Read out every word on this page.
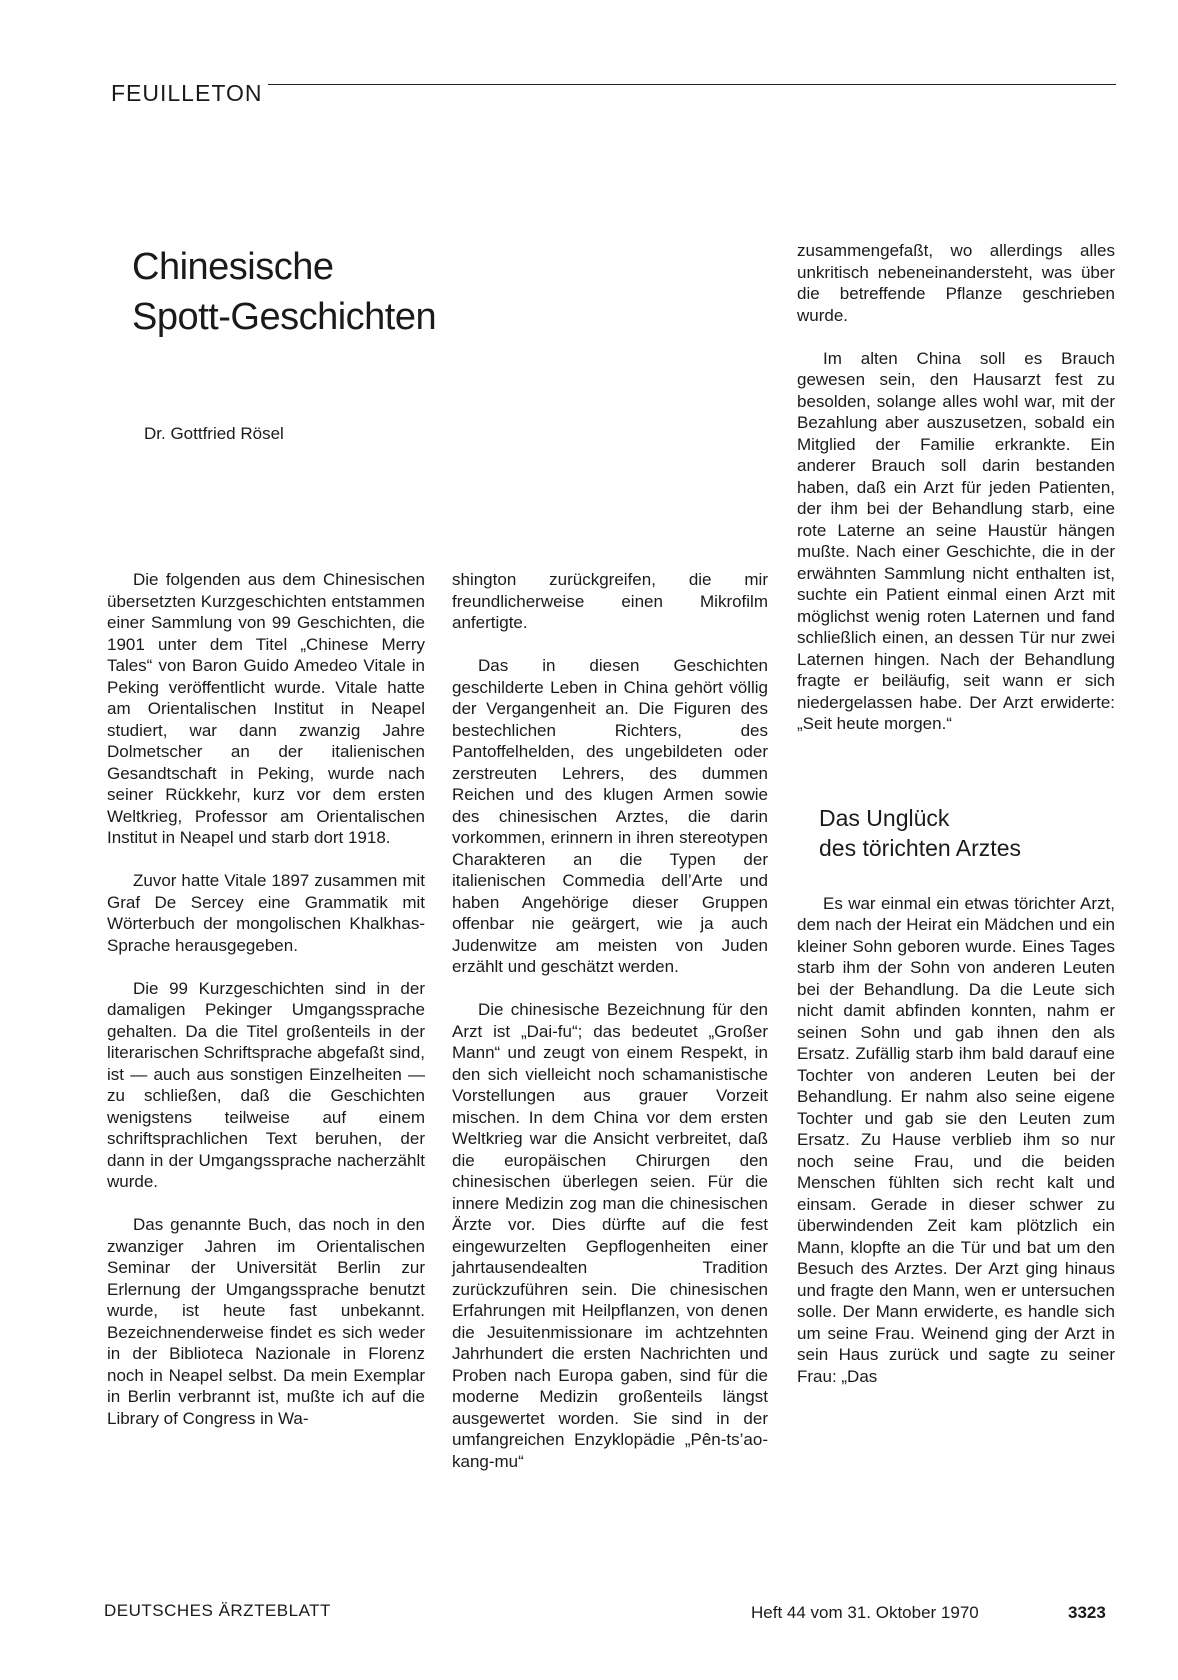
FEUILLETON
Chinesische
Spott-Geschichten
Dr. Gottfried Rösel

Die folgenden aus dem Chinesischen übersetzten Kurzgeschichten entstammen einer Sammlung von 99 Geschichten, die 1901 unter dem Titel „Chinese Merry Tales“ von Baron Guido Amedeo Vitale in Peking veröffentlicht wurde. Vitale hatte am Orientalischen Institut in Neapel studiert, war dann zwanzig Jahre Dolmetscher an der italienischen Gesandtschaft in Peking, wurde nach seiner Rückkehr, kurz vor dem ersten Weltkrieg, Professor am Orientalischen Institut in Neapel und starb dort 1918.

Zuvor hatte Vitale 1897 zusammen mit Graf De Sercey eine Grammatik mit Wörterbuch der mongolischen Khalkhas-Sprache herausgegeben.

Die 99 Kurzgeschichten sind in der damaligen Pekinger Umgangssprache gehalten. Da die Titel großenteils in der literarischen Schriftsprache abgefaßt sind, ist — auch aus sonstigen Einzelheiten — zu schließen, daß die Geschichten wenigstens teilweise auf einem schriftsprachlichen Text beruhen, der dann in der Umgangssprache nacherzählt wurde.

Das genannte Buch, das noch in den zwanziger Jahren im Orientalischen Seminar der Universität Berlin zur Erlernung der Umgangssprache benutzt wurde, ist heute fast unbekannt. Bezeichnenderweise findet es sich weder in der Biblioteca Nazionale in Florenz noch in Neapel selbst. Da mein Exemplar in Berlin verbrannt ist, mußte ich auf die Library of Congress in Wa-

shington zurückgreifen, die mir freundlicherweise einen Mikrofilm anfertigte.

Das in diesen Geschichten geschilderte Leben in China gehört völlig der Vergangenheit an. Die Figuren des bestechlichen Richters, des Pantoffelhelden, des ungebildeten oder zerstreuten Lehrers, des dummen Reichen und des klugen Armen sowie des chinesischen Arztes, die darin vorkommen, erinnern in ihren stereotypen Charakteren an die Typen der italienischen Commedia dell’Arte und haben Angehörige dieser Gruppen offenbar nie geärgert, wie ja auch Judenwitze am meisten von Juden erzählt und geschätzt werden.

Die chinesische Bezeichnung für den Arzt ist „Dai-fu“; das bedeutet „Großer Mann“ und zeugt von einem Respekt, in den sich vielleicht noch schamanistische Vorstellungen aus grauer Vorzeit mischen. In dem China vor dem ersten Weltkrieg war die Ansicht verbreitet, daß die europäischen Chirurgen den chinesischen überlegen seien. Für die innere Medizin zog man die chinesischen Ärzte vor. Dies dürfte auf die fest eingewurzelten Gepflogenheiten einer jahrtausendealten Tradition zurückzuführen sein. Die chinesischen Erfahrungen mit Heilpflanzen, von denen die Jesuitenmissionare im achtzehnten Jahrhundert die ersten Nachrichten und Proben nach Europa gaben, sind für die moderne Medizin großenteils längst ausgewertet worden. Sie sind in der umfangreichen Enzyklopädie „Pên-ts’ao-kang-mu“

zusammengefaßt, wo allerdings alles unkritisch nebeneinandersteht, was über die betreffende Pflanze geschrieben wurde.

Im alten China soll es Brauch gewesen sein, den Hausarzt fest zu besolden, solange alles wohl war, mit der Bezahlung aber auszusetzen, sobald ein Mitglied der Familie erkrankte. Ein anderer Brauch soll darin bestanden haben, daß ein Arzt für jeden Patienten, der ihm bei der Behandlung starb, eine rote Laterne an seine Haustür hängen mußte. Nach einer Geschichte, die in der erwähnten Sammlung nicht enthalten ist, suchte ein Patient einmal einen Arzt mit möglichst wenig roten Laternen und fand schließlich einen, an dessen Tür nur zwei Laternen hingen. Nach der Behandlung fragte er beiläufig, seit wann er sich niedergelassen habe. Der Arzt erwiderte: „Seit heute morgen.“

Das Unglück
des törichten Arztes

Es war einmal ein etwas törichter Arzt, dem nach der Heirat ein Mädchen und ein kleiner Sohn geboren wurde. Eines Tages starb ihm der Sohn von anderen Leuten bei der Behandlung. Da die Leute sich nicht damit abfinden konnten, nahm er seinen Sohn und gab ihnen den als Ersatz. Zufällig starb ihm bald darauf eine Tochter von anderen Leuten bei der Behandlung. Er nahm also seine eigene Tochter und gab sie den Leuten zum Ersatz. Zu Hause verblieb ihm so nur noch seine Frau, und die beiden Menschen fühlten sich recht kalt und einsam. Gerade in dieser schwer zu überwindenden Zeit kam plötzlich ein Mann, klopfte an die Tür und bat um den Besuch des Arztes. Der Arzt ging hinaus und fragte den Mann, wen er untersuchen solle. Der Mann erwiderte, es handle sich um seine Frau. Weinend ging der Arzt in sein Haus zurück und sagte zu seiner Frau: „Das

DEUTSCHES ÄRZTEBLATT	Heft 44 vom 31. Oktober 1970	3323
